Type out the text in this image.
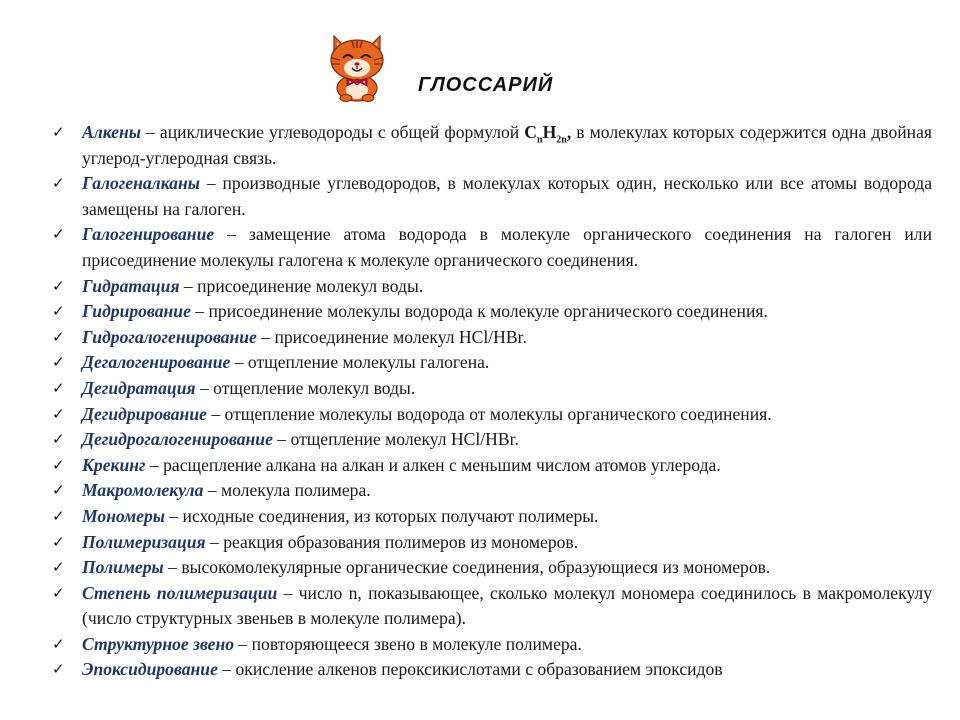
ГЛОССАРИЙ
✓ Алкены – ациклические углеводороды с общей формулой $C_nH_{2n}$, в молекулах которых содержится одна двойная углерод-углеродная связь.
✓ Галогеналканы – производные углеводородов, в молекулах которых один, несколько или все атомы водорода замещены на галоген.
✓ Галогенирование – замещение атома водорода в молекуле органического соединения на галоген или присоединение молекулы галогена к молекуле органического соединения.
✓ Гидратация – присоединение молекул воды.
✓ Гидрирование – присоединение молекулы водорода к молекуле органического соединения.
✓ Гидрогалогенирование – присоединение молекул HCl/HBr.
✓ Дегалогенирование – отщепление молекулы галогена.
✓ Дегидратация – отщепление молекул воды.
✓ Дегидрирование – отщепление молекулы водорода от молекулы органического соединения.
✓ Дегидрогалогенирование – отщепление молекул HCl/HBr.
✓ Крекинг – расщепление алкана на алкан и алкен с меньшим числом атомов углерода.
✓ Макромолекула – молекула полимера.
✓ Мономеры – исходные соединения, из которых получают полимеры.
✓ Полимеризация – реакция образования полимеров из мономеров.
✓ Полимеры – высокомолекулярные органические соединения, образующиеся из мономеров.
✓ Степень полимеризации – число n, показывающее, сколько молекул мономера соединилось в макромолекулу (число структурных звеньев в молекуле полимера).
✓ Структурное звено – повторяющееся звено в молекуле полимера.
✓ Эпоксидирование – окисление алкенов пероксикислотами с образованием эпоксидов
